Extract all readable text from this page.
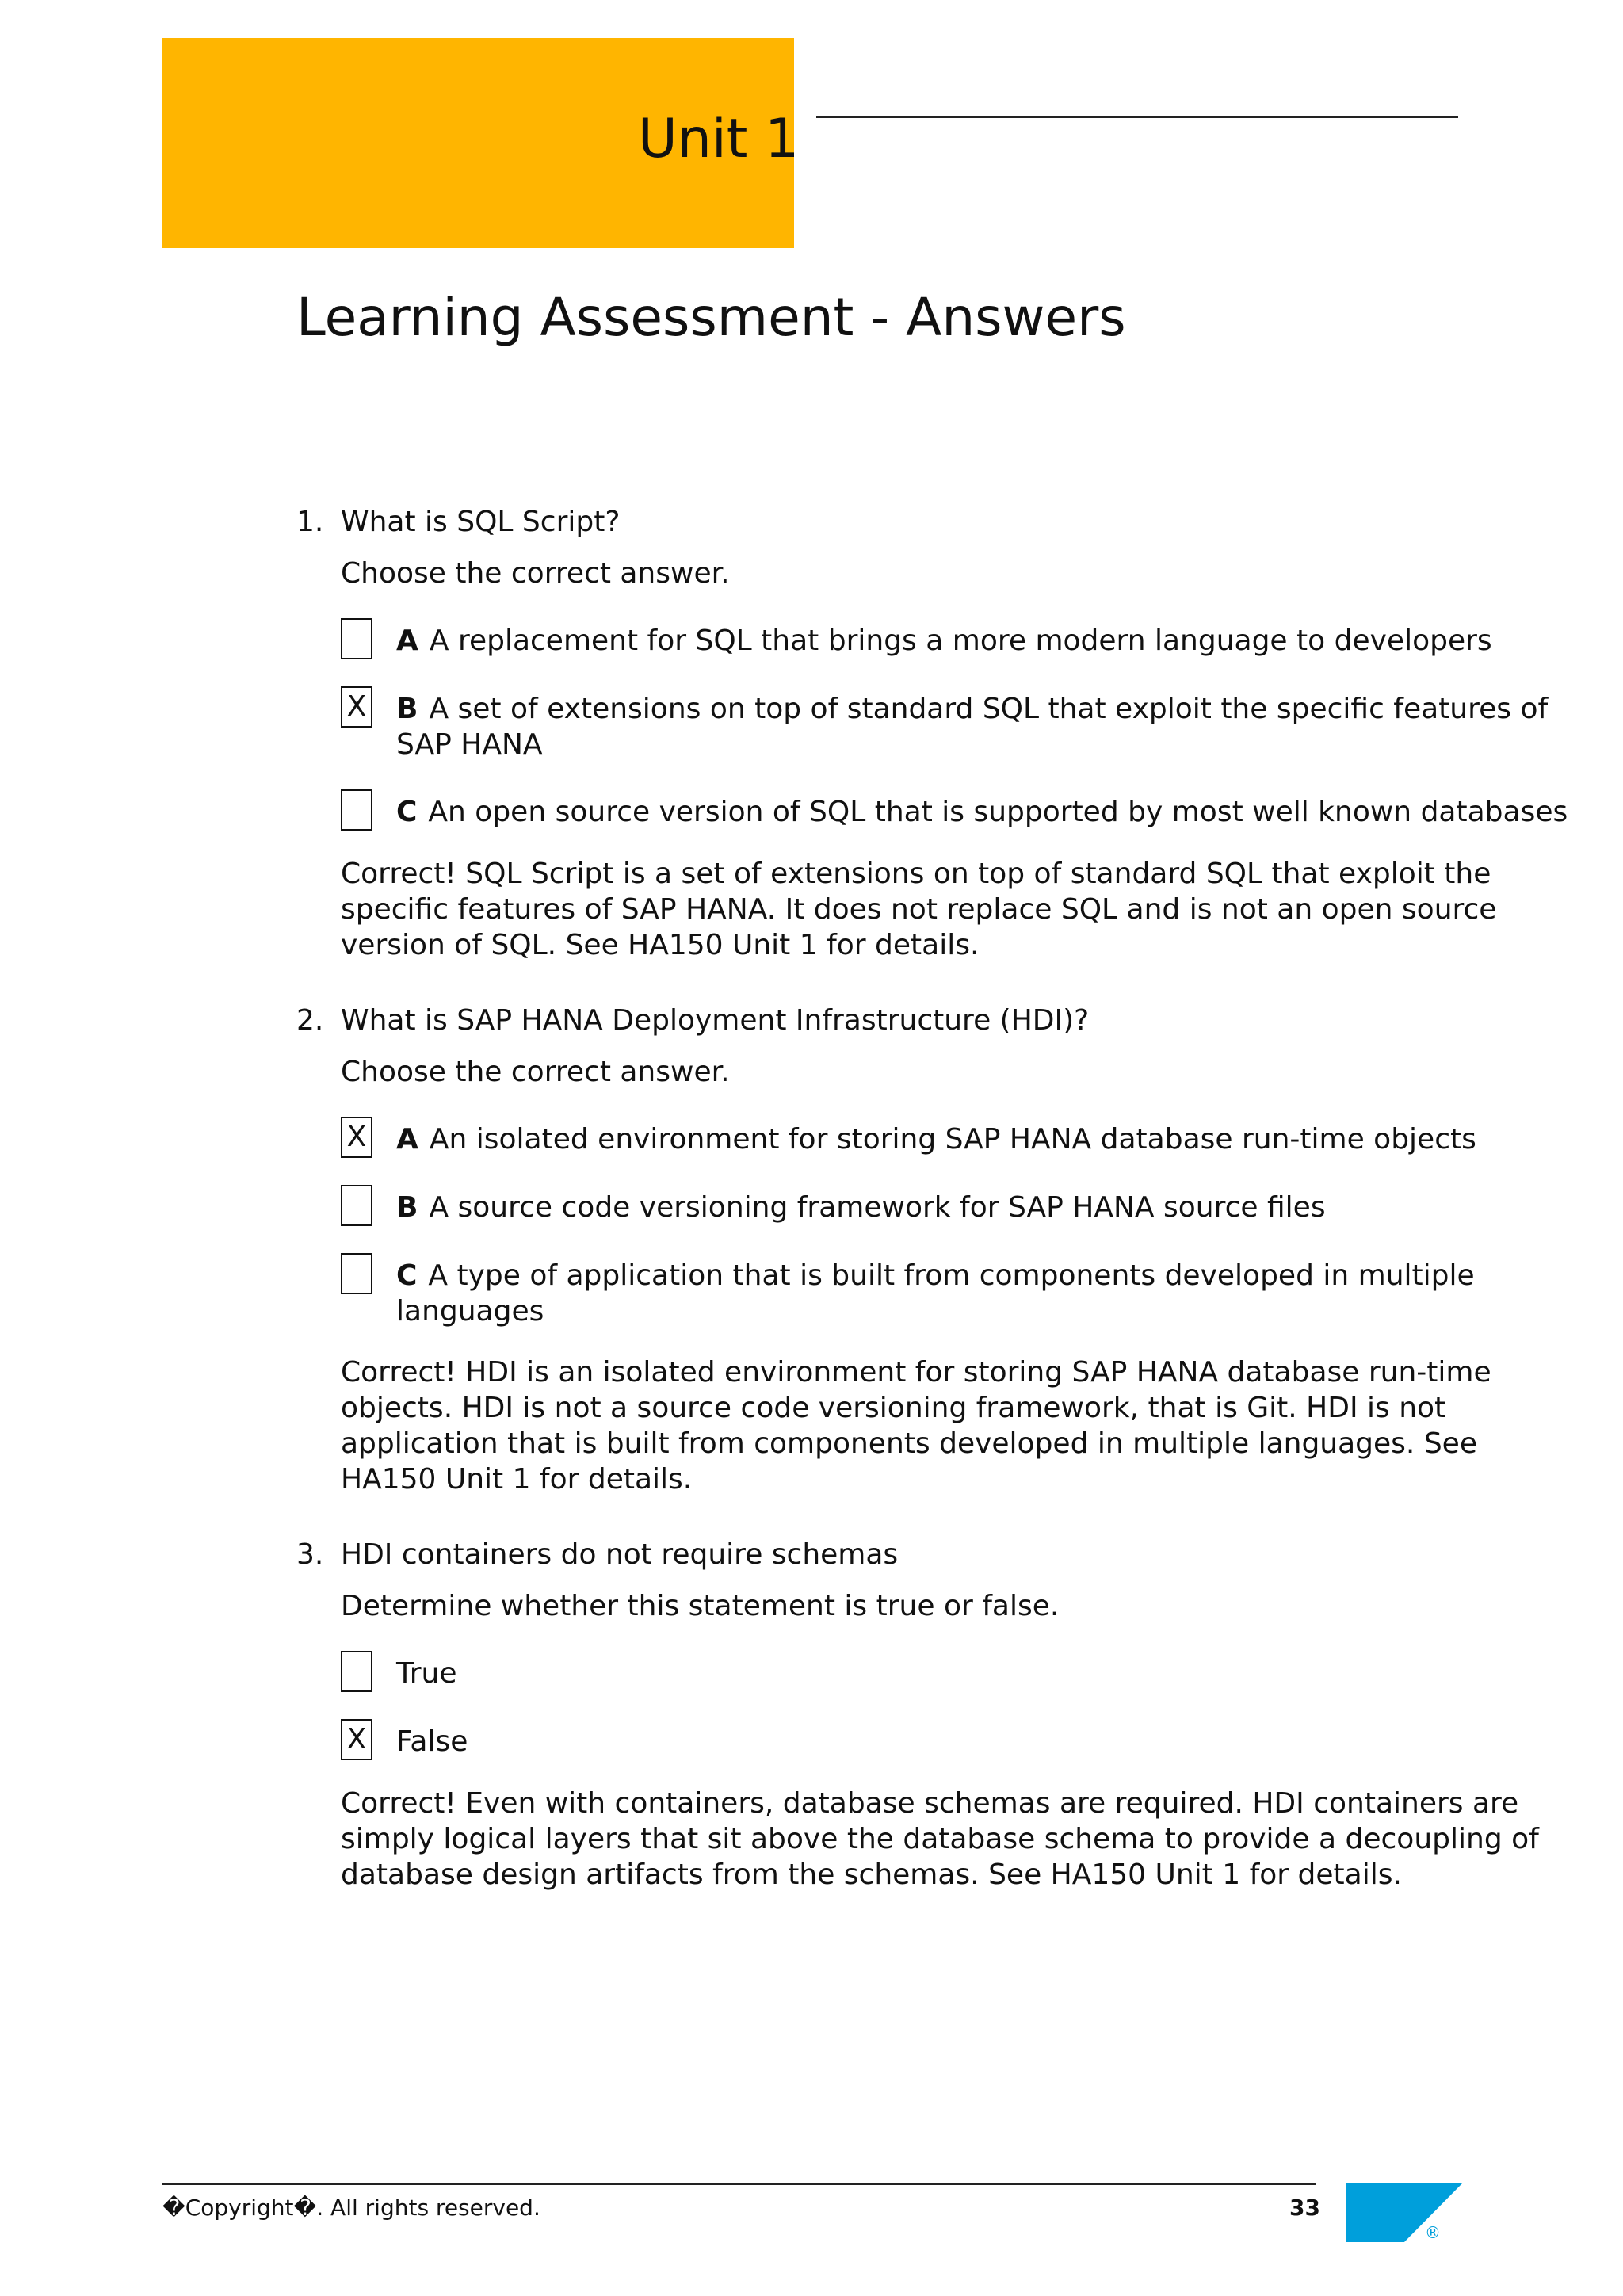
Unit 1
Learning Assessment - Answers
1. What is SQL Script?
Choose the correct answer.
A A replacement for SQL that brings a more modern language to developers
X B A set of extensions on top of standard SQL that exploit the specific features of SAP HANA
C An open source version of SQL that is supported by most well known databases
Correct! SQL Script is a set of extensions on top of standard SQL that exploit the specific features of SAP HANA. It does not replace SQL and is not an open source version of SQL. See HA150 Unit 1 for details.
2. What is SAP HANA Deployment Infrastructure (HDI)?
Choose the correct answer.
X A An isolated environment for storing SAP HANA database run-time objects
B A source code versioning framework for SAP HANA source files
C A type of application that is built from components developed in multiple languages
Correct! HDI is an isolated environment for storing SAP HANA database run-time objects. HDI is not a source code versioning framework, that is Git. HDI is not application that is built from components developed in multiple languages. See HA150 Unit 1 for details.
3. HDI containers do not require schemas
Determine whether this statement is true or false.
True
X False
Correct! Even with containers, database schemas are required. HDI containers are simply logical layers that sit above the database schema to provide a decoupling of database design artifacts from the schemas. See HA150 Unit 1 for details.
�Copyright�. All rights reserved.	33
®
